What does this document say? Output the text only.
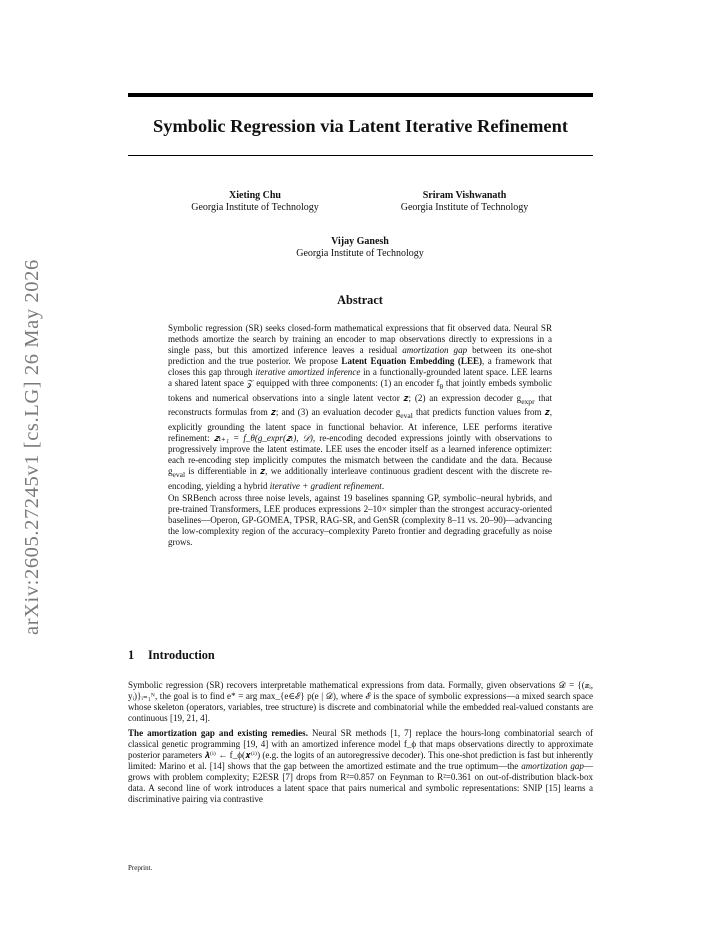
arXiv:2605.27245v1 [cs.LG] 26 May 2026
Symbolic Regression via Latent Iterative Refinement
Xieting Chu
Georgia Institute of Technology
Sriram Vishwanath
Georgia Institute of Technology
Vijay Ganesh
Georgia Institute of Technology
Abstract

Symbolic regression (SR) seeks closed-form mathematical expressions that fit observed data. Neural SR methods amortize the search by training an encoder to map observations directly to expressions in a single pass, but this amortized inference leaves a residual amortization gap between its one-shot prediction and the true posterior. We propose Latent Equation Embedding (LEE), a framework that closes this gap through iterative amortized inference in a functionally-grounded latent space. LEE learns a shared latent space 𝒵 equipped with three components: (1) an encoder $f_\theta$ that jointly embeds symbolic tokens and numerical observations into a single latent vector 𝒛; (2) an expression decoder $g_{expr}$ that reconstructs formulas from 𝒛; and (3) an evaluation decoder $g_{eval}$ that predicts function values from 𝒛, explicitly grounding the latent space in functional behavior. At inference, LEE performs iterative refinement: 𝒛ₜ₊₁ = f_θ(g_expr(𝒛ₜ), 𝒟), re-encoding decoded expressions jointly with observations to progressively improve the latent estimate. LEE uses the encoder itself as a learned inference optimizer: each re-encoding step implicitly computes the mismatch between the candidate and the data. Because $g_{eval}$ is differentiable in 𝒛, we additionally interleave continuous gradient descent with the discrete re-encoding, yielding a hybrid iterative + gradient refinement.

On SRBench across three noise levels, against 19 baselines spanning GP, symbolic–neural hybrids, and pre-trained Transformers, LEE produces expressions 2–10× simpler than the strongest accuracy-oriented baselines—Operon, GP-GOMEA, TPSR, RAG-SR, and GenSR (complexity 8–11 vs. 20–90)—advancing the low-complexity region of the accuracy–complexity Pareto frontier and degrading gracefully as noise grows.

1 Introduction

Symbolic regression (SR) recovers interpretable mathematical expressions from data. Formally, given observations 𝒟 = {(𝒙ᵢ, yᵢ)}ᵢ₌₁ᴺ, the goal is to find e* = arg max_{e∈ℰ} p(e | 𝒟), where ℰ is the space of symbolic expressions—a mixed search space whose skeleton (operators, variables, tree structure) is discrete and combinatorial while the embedded real-valued constants are continuous [19, 21, 4].

The amortization gap and existing remedies. Neural SR methods [1, 7] replace the hours-long combinatorial search of classical genetic programming [19, 4] with an amortized inference model f_ϕ that maps observations directly to approximate posterior parameters 𝝀⁽ⁱ⁾ ← f_ϕ(𝒙⁽ⁱ⁾) (e.g. the logits of an autoregressive decoder). This one-shot prediction is fast but inherently limited: Marino et al. [14] shows that the gap between the amortized estimate and the true optimum—the amortization gap—grows with problem complexity; E2ESR [7] drops from R²=0.857 on Feynman to R²=0.361 on out-of-distribution black-box data. A second line of work introduces a latent space that pairs numerical and symbolic representations: SNIP [15] learns a discriminative pairing via contrastive

Preprint.
